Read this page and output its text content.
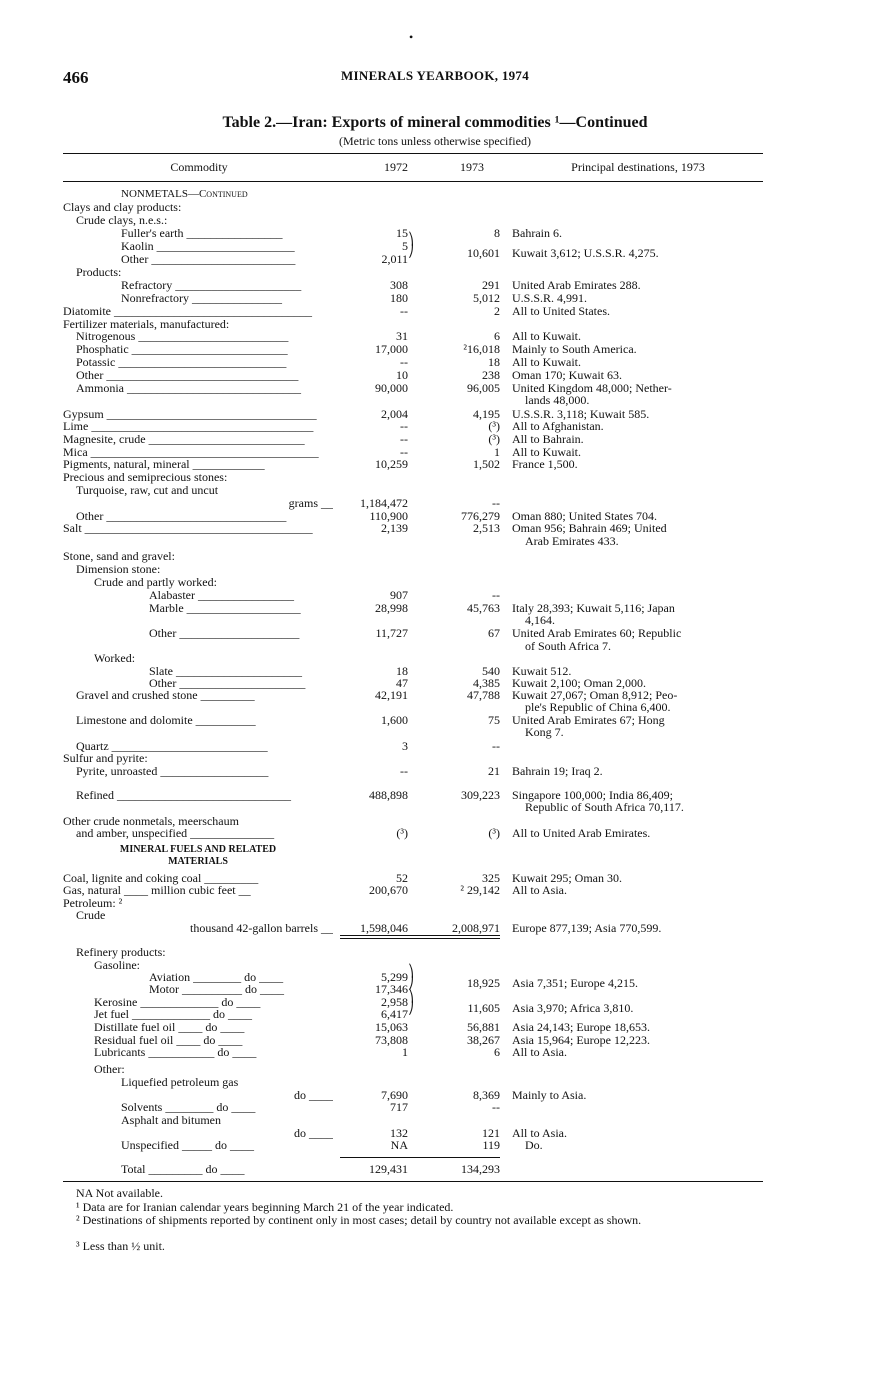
•
466	MINERALS YEARBOOK, 1974
Table 2.—Iran: Exports of mineral commodities ¹—Continued
(Metric tons unless otherwise specified)
Commodity	1972	1973	Principal destinations, 1973
NONMETALS—Continued
Clays and clay products:
Crude clays, n.e.s.:
Fuller's earth ________________	15	8 Bahrain 6.
Kaolin _______________________	5
Other ________________________	2,011	10,601 Kuwait 3,612; U.S.S.R. 4,275.
Products:
Refractory _____________________	308	291 United Arab Emirates 288.
Nonrefractory _______________	180	5,012 U.S.S.R. 4,991.
Diatomite _________________________________	--	2 All to United States.
Fertilizer materials, manufactured:
Nitrogenous _________________________	31	6 All to Kuwait.
Phosphatic __________________________	17,000	²16,018 Mainly to South America.
Potassic ____________________________	--	18 All to Kuwait.
Other ________________________________	10	238 Oman 170; Kuwait 63.
Ammonia _____________________________	90,000	96,005 United Kingdom 48,000; Nether-
lands 48,000.
Gypsum ___________________________________	2,004	4,195 U.S.S.R. 3,118; Kuwait 585.
Lime _____________________________________	--	(³) All to Afghanistan.
Magnesite, crude __________________________	--	(³) All to Bahrain.
Mica ______________________________________	--	1 All to Kuwait.
Pigments, natural, mineral ____________	10,259	1,502 France 1,500.
Precious and semiprecious stones:
Turquoise, raw, cut and uncut
grams __	1,184,472	--
Other ______________________________	110,900	776,279 Oman 880; United States 704.
Salt ______________________________________	2,139	2,513 Oman 956; Bahrain 469; United
Arab Emirates 433.
Stone, sand and gravel:
Dimension stone:
Crude and partly worked:
Alabaster ________________	907	--
Marble ___________________	28,998	45,763 Italy 28,393; Kuwait 5,116; Japan
4,164.
Other ____________________	11,727	67 United Arab Emirates 60; Republic
of South Africa 7.
Worked:
Slate _____________________	18	540 Kuwait 512.
Other _____________________	47	4,385 Kuwait 2,100; Oman 2,000.
Gravel and crushed stone _________	42,191	47,788 Kuwait 27,067; Oman 8,912; Peo-
ple's Republic of China 6,400.
Limestone and dolomite __________	1,600	75 United Arab Emirates 67; Hong
Kong 7.
Quartz __________________________	3	--
Sulfur and pyrite:
Pyrite, unroasted __________________	--	21 Bahrain 19; Iraq 2.
Refined _____________________________	488,898	309,223 Singapore 100,000; India 86,409;
Republic of South Africa 70,117.
Other crude nonmetals, meerschaum
and amber, unspecified ______________	(³)	(³) All to United Arab Emirates.
MINERAL FUELS AND RELATED
MATERIALS
Coal, lignite and coking coal _________	52	325 Kuwait 295; Oman 30.
Gas, natural ____ million cubic feet __	200,670	² 29,142 All to Asia.
Petroleum: ²
Crude
thousand 42-gallon barrels __	1,598,046	2,008,971 Europe 877,139; Asia 770,599.
Refinery products:
Gasoline:
Aviation ________ do ____	5,299
Motor __________ do ____	17,346	18,925 Asia 7,351; Europe 4,215.
Kerosine _____________ do ____	2,958
Jet fuel _____________ do ____	6,417	11,605 Asia 3,970; Africa 3,810.
Distillate fuel oil ____ do ____	15,063	56,881 Asia 24,143; Europe 18,653.
Residual fuel oil ____ do ____	73,808	38,267 Asia 15,964; Europe 12,223.
Lubricants ___________ do ____	1	6 All to Asia.
Other:
Liquefied petroleum gas
do ____	7,690	8,369 Mainly to Asia.
Solvents ________ do ____	717	--
Asphalt and bitumen
do ____	132	121 All to Asia.
Unspecified _____ do ____	NA	119	Do.
Total _________ do ____	129,431	134,293
⎞
⎠
⎞
⎠
⎞
⎠
NA Not available.
¹ Data are for Iranian calendar years beginning March 21 of the year indicated.
² Destinations of shipments reported by continent only in most cases; detail by country not available except as shown.
³ Less than ½ unit.
